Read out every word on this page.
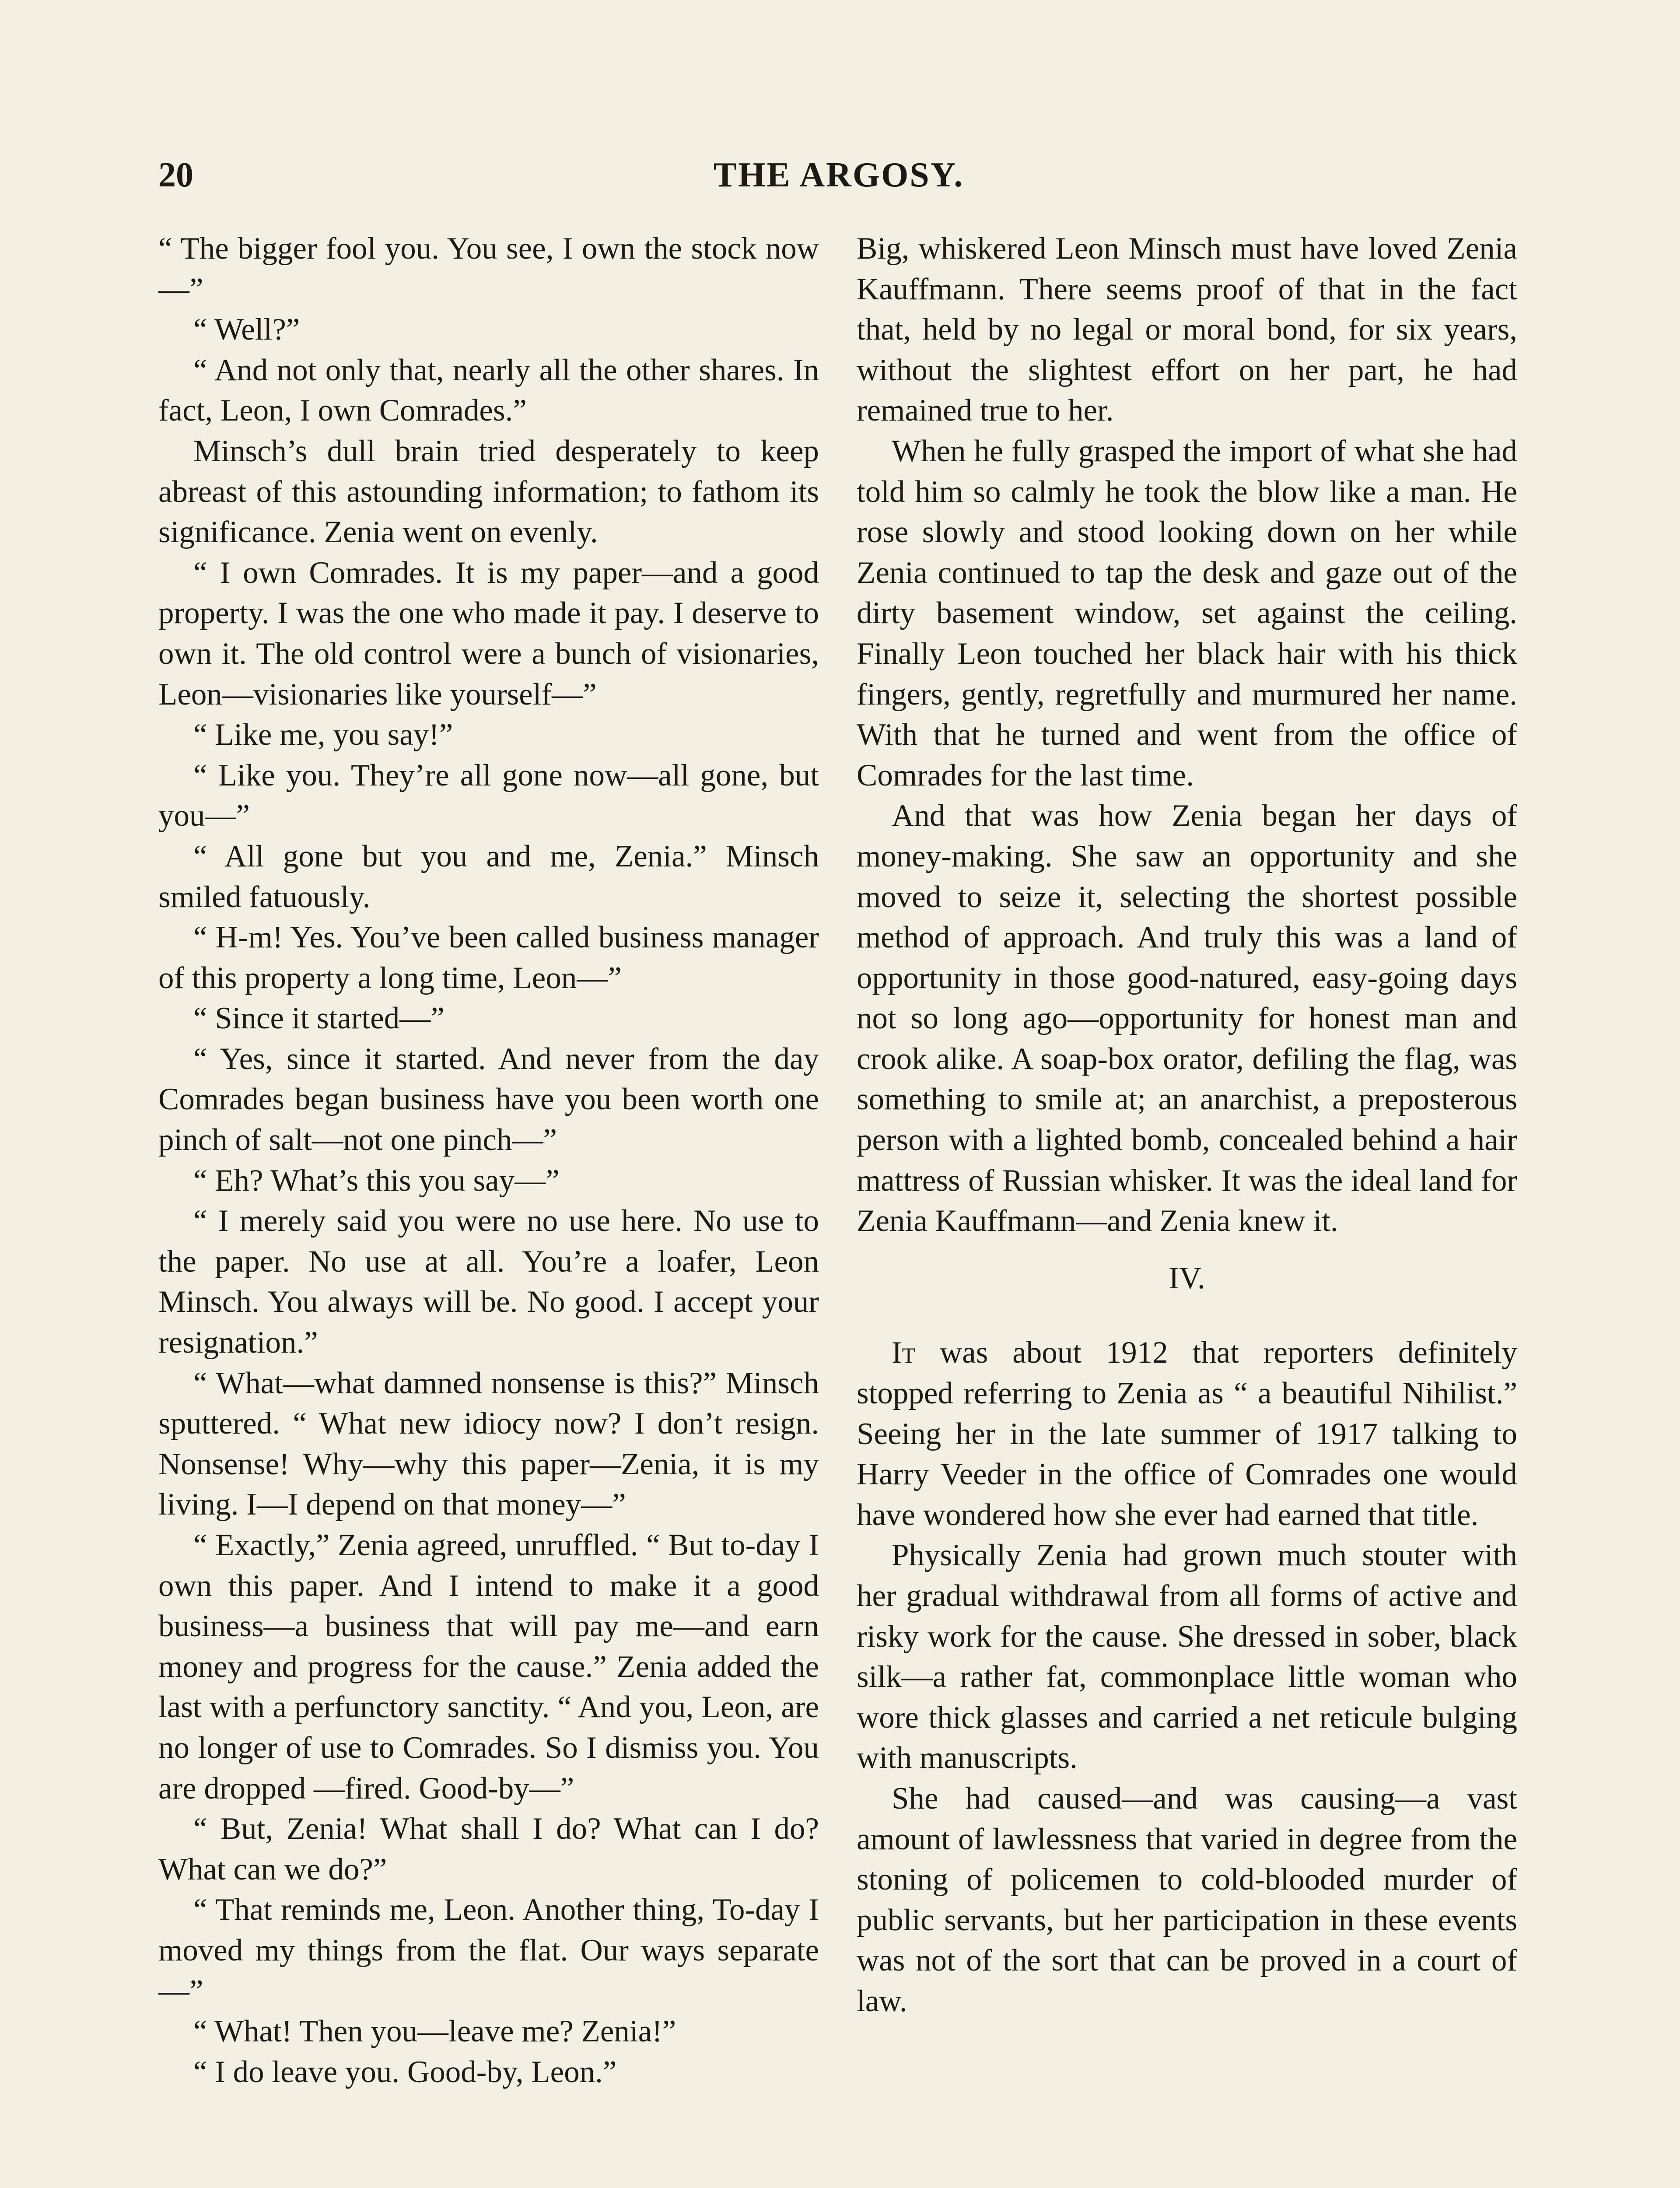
20	THE ARGOSY.

“ The bigger fool you. You see, I own the stock now—”

“ Well?”

“ And not only that, nearly all the other shares. In fact, Leon, I own Comrades.”

Minsch’s dull brain tried desperately to keep abreast of this astounding information; to fathom its significance. Zenia went on evenly.

“ I own Comrades. It is my paper—and a good property. I was the one who made it pay. I deserve to own it. The old control were a bunch of visionaries, Leon—visionaries like yourself—”

“ Like me, you say!”

“ Like you. They’re all gone now—all gone, but you—”

“ All gone but you and me, Zenia.” Minsch smiled fatuously.

“ H-m! Yes. You’ve been called business manager of this property a long time, Leon—”

“ Since it started—”

“ Yes, since it started. And never from the day Comrades began business have you been worth one pinch of salt—not one pinch—”

“ Eh? What’s this you say—”

“ I merely said you were no use here. No use to the paper. No use at all. You’re a loafer, Leon Minsch. You always will be. No good. I accept your resignation.”

“ What—what damned nonsense is this?” Minsch sputtered. “ What new idiocy now? I don’t resign. Nonsense! Why—why this paper—Zenia, it is my living. I—I depend on that money—”

“ Exactly,” Zenia agreed, unruffled. “ But to-day I own this paper. And I intend to make it a good business—a business that will pay me—and earn money and progress for the cause.” Zenia added the last with a perfunctory sanctity. “ And you, Leon, are no longer of use to Comrades. So I dismiss you. You are dropped —fired. Good-by—”

“ But, Zenia! What shall I do? What can I do? What can we do?”

“ That reminds me, Leon. Another thing, To-day I moved my things from the flat. Our ways separate—”

“ What! Then you—leave me? Zenia!”

“ I do leave you. Good-by, Leon.”

Big, whiskered Leon Minsch must have loved Zenia Kauffmann. There seems proof of that in the fact that, held by no legal or moral bond, for six years, without the slightest effort on her part, he had remained true to her.

When he fully grasped the import of what she had told him so calmly he took the blow like a man. He rose slowly and stood looking down on her while Zenia continued to tap the desk and gaze out of the dirty basement window, set against the ceiling. Finally Leon touched her black hair with his thick fingers, gently, regretfully and murmured her name. With that he turned and went from the office of Comrades for the last time.

And that was how Zenia began her days of money-making. She saw an opportunity and she moved to seize it, selecting the shortest possible method of approach. And truly this was a land of opportunity in those good-natured, easy-going days not so long ago—opportunity for honest man and crook alike. A soap-box orator, defiling the flag, was something to smile at; an anarchist, a preposterous person with a lighted bomb, concealed behind a hair mattress of Russian whisker. It was the ideal land for Zenia Kauffmann—and Zenia knew it.

IV.

It was about 1912 that reporters definitely stopped referring to Zenia as “ a beautiful Nihilist.” Seeing her in the late summer of 1917 talking to Harry Veeder in the office of Comrades one would have wondered how she ever had earned that title.

Physically Zenia had grown much stouter with her gradual withdrawal from all forms of active and risky work for the cause. She dressed in sober, black silk—a rather fat, commonplace little woman who wore thick glasses and carried a net reticule bulging with manuscripts.

She had caused—and was causing—a vast amount of lawlessness that varied in degree from the stoning of policemen to cold-blooded murder of public servants, but her participation in these events was not of the sort that can be proved in a court of law.
